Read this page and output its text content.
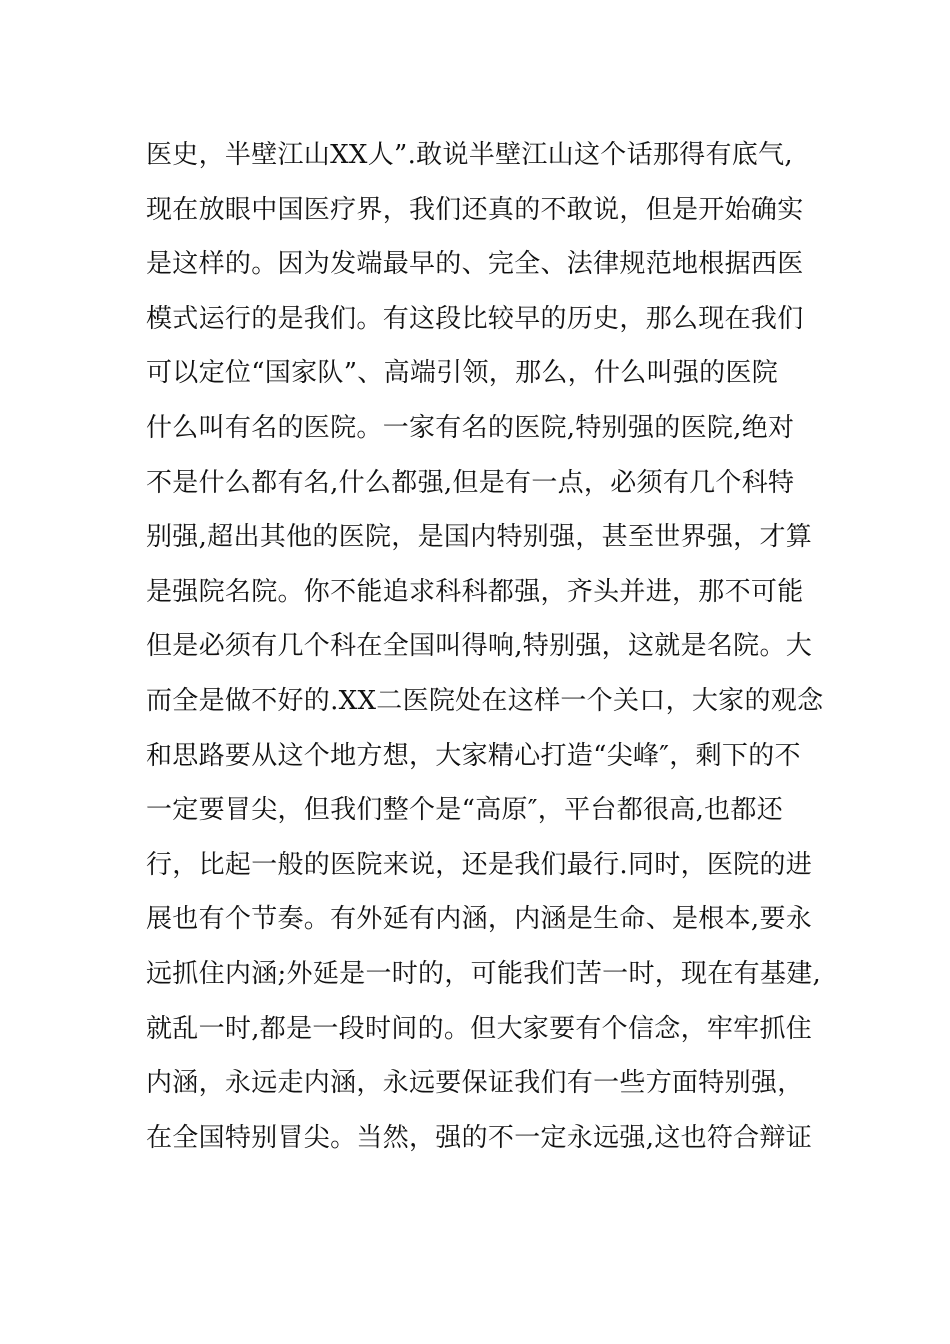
医史，半壁江山XX人”.敢说半壁江山这个话那得有底气,
现在放眼中国医疗界，我们还真的不敢说，但是开始确实
是这样的。因为发端最早的、完全、法律规范地根据西医
模式运行的是我们。有这段比较早的历史，那么现在我们
可以定位“国家队”、高端引领，那么，什么叫强的医院
什么叫有名的医院。一家有名的医院,特别强的医院,绝对
不是什么都有名,什么都强,但是有一点，必须有几个科特
别强,超出其他的医院，是国内特别强，甚至世界强，才算
是强院名院。你不能追求科科都强，齐头并进，那不可能
但是必须有几个科在全国叫得响,特别强，这就是名院。大
而全是做不好的.XX二医院处在这样一个关口，大家的观念
和思路要从这个地方想，大家精心打造“尖峰″，剩下的不
一定要冒尖，但我们整个是“高原″，平台都很高,也都还
行，比起一般的医院来说，还是我们最行.同时，医院的进
展也有个节奏。有外延有内涵，内涵是生命、是根本,要永
远抓住内涵;外延是一时的，可能我们苦一时，现在有基建,
就乱一时,都是一段时间的。但大家要有个信念，牢牢抓住
内涵，永远走内涵，永远要保证我们有一些方面特别强，
在全国特别冒尖。当然，强的不一定永远强,这也符合辩证
